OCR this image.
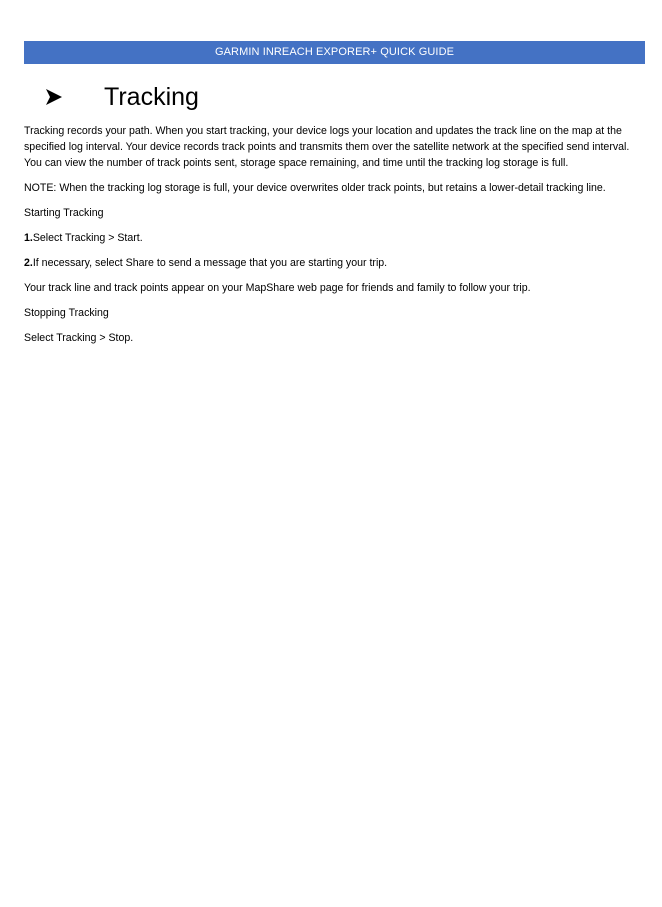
GARMIN INREACH EXPORER+ QUICK GUIDE
Tracking

Tracking records your path. When you start tracking, your device logs your location and updates the track line on the map at the specified log interval. Your device records track points and transmits them over the satellite network at the specified send interval. You can view the number of track points sent, storage space remaining, and time until the tracking log storage is full.

NOTE: When the tracking log storage is full, your device overwrites older track points, but retains a lower-detail tracking line.

Starting Tracking

1.Select Tracking > Start.

2.If necessary, select Share to send a message that you are starting your trip.

Your track line and track points appear on your MapShare web page for friends and family to follow your trip.

Stopping Tracking

Select Tracking > Stop.
